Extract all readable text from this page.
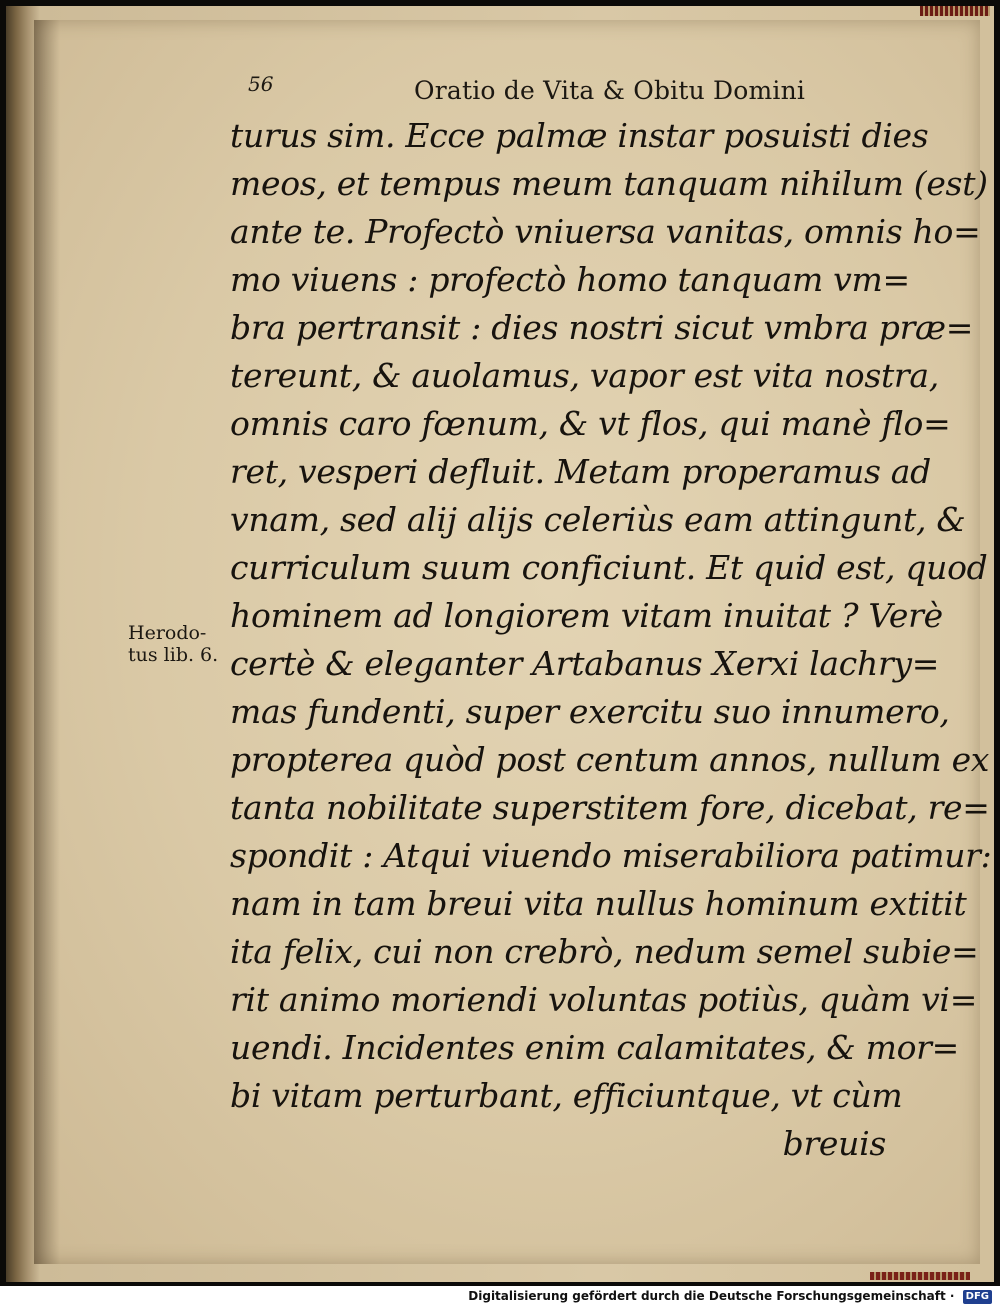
56	Oratio de Vita & Obitu Domini
Herodo-
tus lib. 6.
turus sim. Ecce palmæ instar posuisti dies
meos, et tempus meum tanquam nihilum (est)
ante te. Profectò vniuersa vanitas, omnis ho=
mo viuens : profectò homo tanquam vm=
bra pertransit : dies nostri sicut vmbra præ=
tereunt, & auolamus, vapor est vita nostra,
omnis caro fœnum, & vt flos, qui manè flo=
ret, vesperi defluit. Metam properamus ad
vnam, sed alij alijs celeriùs eam attingunt, &
curriculum suum conficiunt. Et quid est, quod
hominem ad longiorem vitam inuitat ? Verè
certè & eleganter Artabanus Xerxi lachry=
mas fundenti, super exercitu suo innumero,
propterea quòd post centum annos, nullum ex
tanta nobilitate superstitem fore, dicebat, re=
spondit : Atqui viuendo miserabiliora patimur:
nam in tam breui vita nullus hominum extitit
ita felix, cui non crebrò, nedum semel subie=
rit animo moriendi voluntas potiùs, quàm vi=
uendi. Incidentes enim calamitates, & mor=
bi vitam perturbant, efficiuntque, vt cùm
breuis
Digitalisierung gefördert durch die Deutsche Forschungsgemeinschaft · DFG
